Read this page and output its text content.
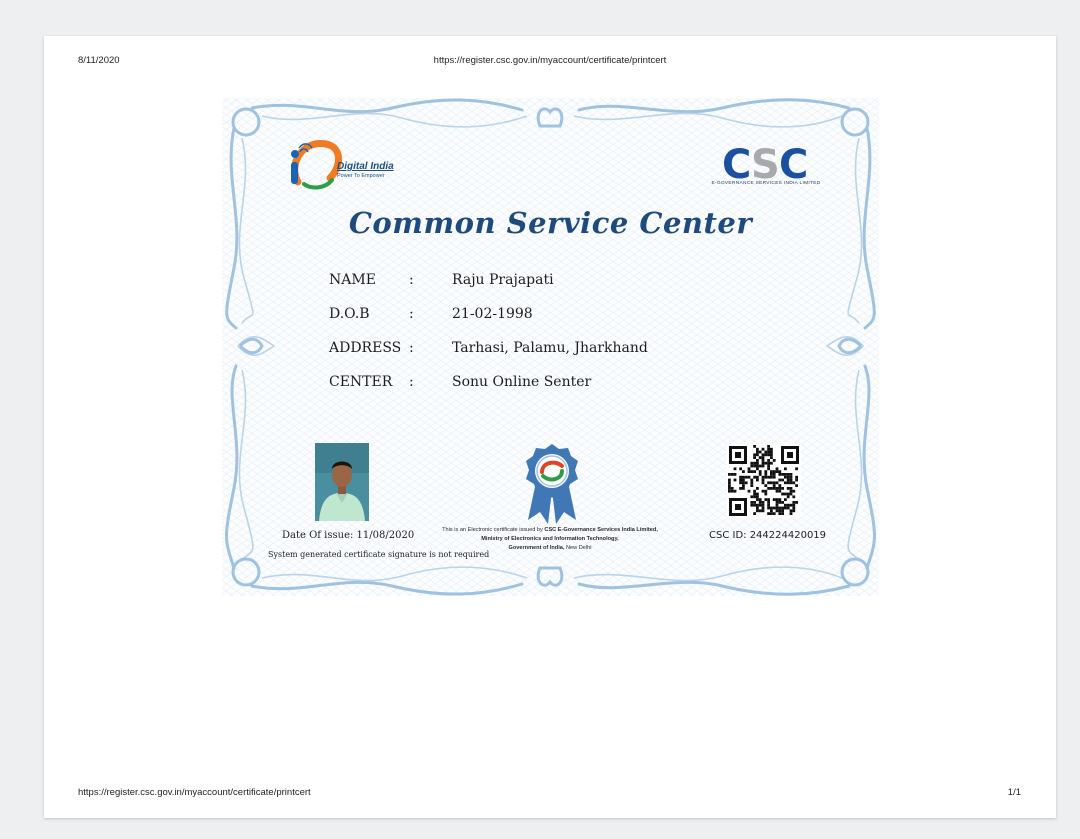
8/11/2020	https://register.csc.gov.in/myaccount/certificate/printcert
Digital India
Power To Empower	C S C
E-GOVERNANCE SERVICES INDIA LIMITED
Common Service Center
NAME :	Raju Prajapati
D.O.B	:	21-02-1998
ADDRESS :	Tarhasi, Palamu, Jharkhand
CENTER :	Sonu Online Senter
Date Of issue: 11/08/2020
System generated certificate signature is not required
This is an Electronic certificate issued by CSC E-Governance Services India Limited,
Ministry of Electronics and Information Technology,
Government of India, New Delhi
CSC ID: 244224420019
https://register.csc.gov.in/myaccount/certificate/printcert	1/1
